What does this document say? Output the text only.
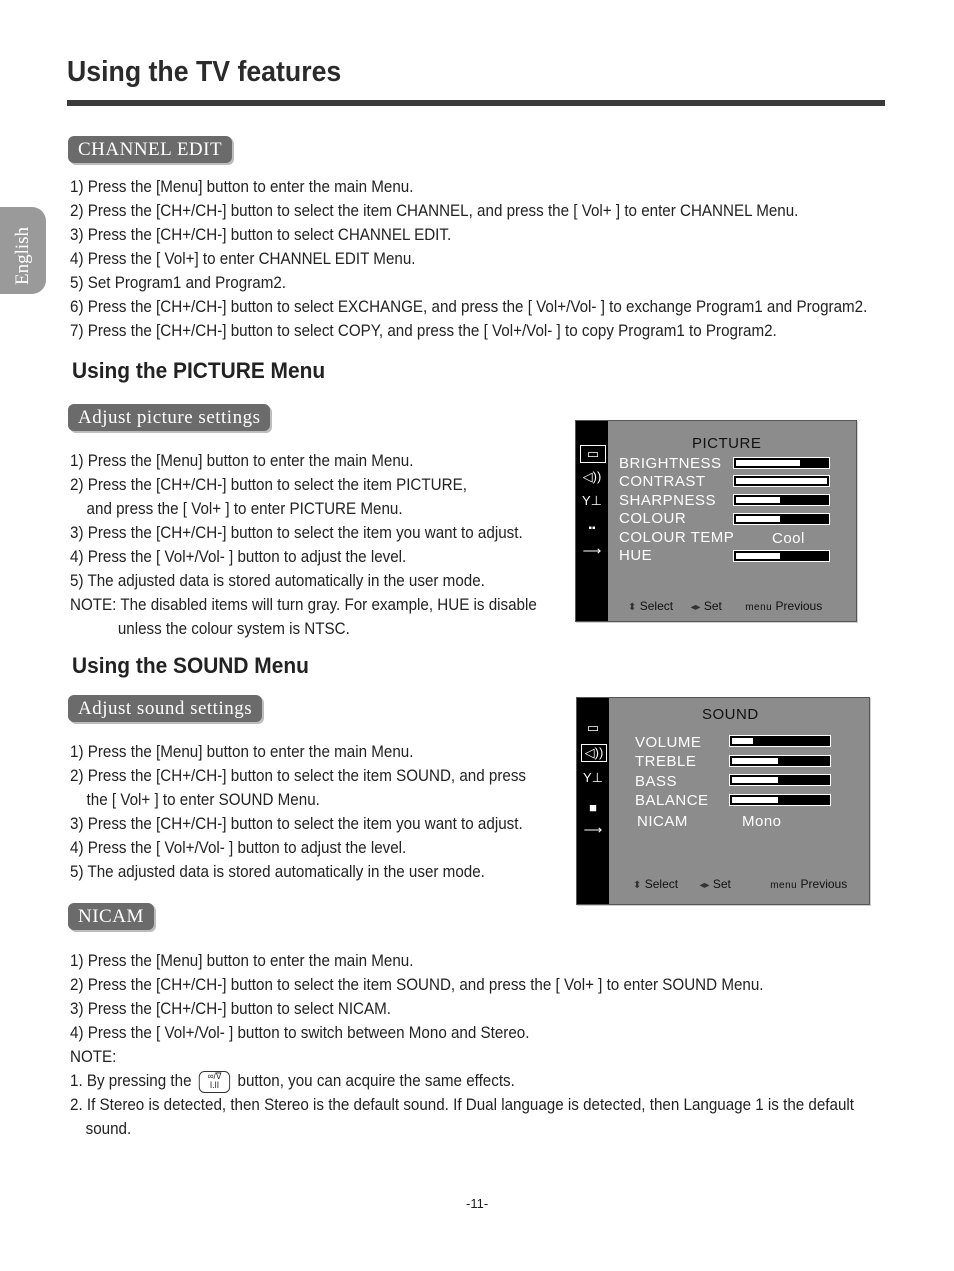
Using the TV features
English
CHANNEL EDIT
1) Press the [Menu] button to enter the main Menu.
2) Press the [CH+/CH-] button to select the item CHANNEL, and press the [ Vol+ ] to enter CHANNEL Menu.
3) Press the [CH+/CH-] button to select CHANNEL EDIT.
4) Press the [ Vol+] to enter CHANNEL EDIT Menu.
5) Set Program1 and Program2.
6) Press the [CH+/CH-] button to select EXCHANGE, and press the [ Vol+/Vol- ] to exchange Program1 and Program2.
7) Press the [CH+/CH-] button to select COPY, and press the [ Vol+/Vol- ] to copy Program1 to Program2.
Using the PICTURE Menu
Adjust picture settings
1) Press the [Menu] button to enter the main Menu.
2) Press the [CH+/CH-] button to select the item PICTURE,
and press the [ Vol+ ] to enter PICTURE Menu.
3) Press the [CH+/CH-] button to select the item you want to adjust.
4) Press the [ Vol+/Vol- ] button to adjust the level.
5) The adjusted data is stored automatically in the user mode.
NOTE: The disabled items will turn gray. For example, HUE is disable
unless the colour system is NTSC.
▭
◁))
Y⊥
▪▪
⟶
PICTURE
BRIGHTNESS
CONTRAST
SHARPNESS
COLOUR
COLOUR TEMP	Cool
HUE
⬍ Select ◂▸ Set menu Previous
Using the SOUND Menu
Adjust sound settings
1) Press the [Menu] button to enter the main Menu.
2) Press the [CH+/CH-] button to select the item SOUND, and press
the [ Vol+ ] to enter SOUND Menu.
3) Press the [CH+/CH-] button to select the item you want to adjust.
4) Press the [ Vol+/Vol- ] button to adjust the level.
5) The adjusted data is stored automatically in the user mode.
▭
◁))
Y⊥
■
⟶
SOUND
VOLUME
TREBLE
BASS
BALANCE
NICAM	Mono
⬍ Select ◂▸ Set	menu Previous
NICAM
1) Press the [Menu] button to enter the main Menu.
2) Press the [CH+/CH-] button to select the item SOUND, and press the [ Vol+ ] to enter SOUND Menu.
3) Press the [CH+/CH-] button to select NICAM.
4) Press the [ Vol+/Vol- ] button to switch between Mono and Stereo.
NOTE:
1. By pressing the ∞/∇
I.II button, you can acquire the same effects.
2. If Stereo is detected, then Stereo is the default sound. If Dual language is detected, then Language 1 is the default sound.
-11-
